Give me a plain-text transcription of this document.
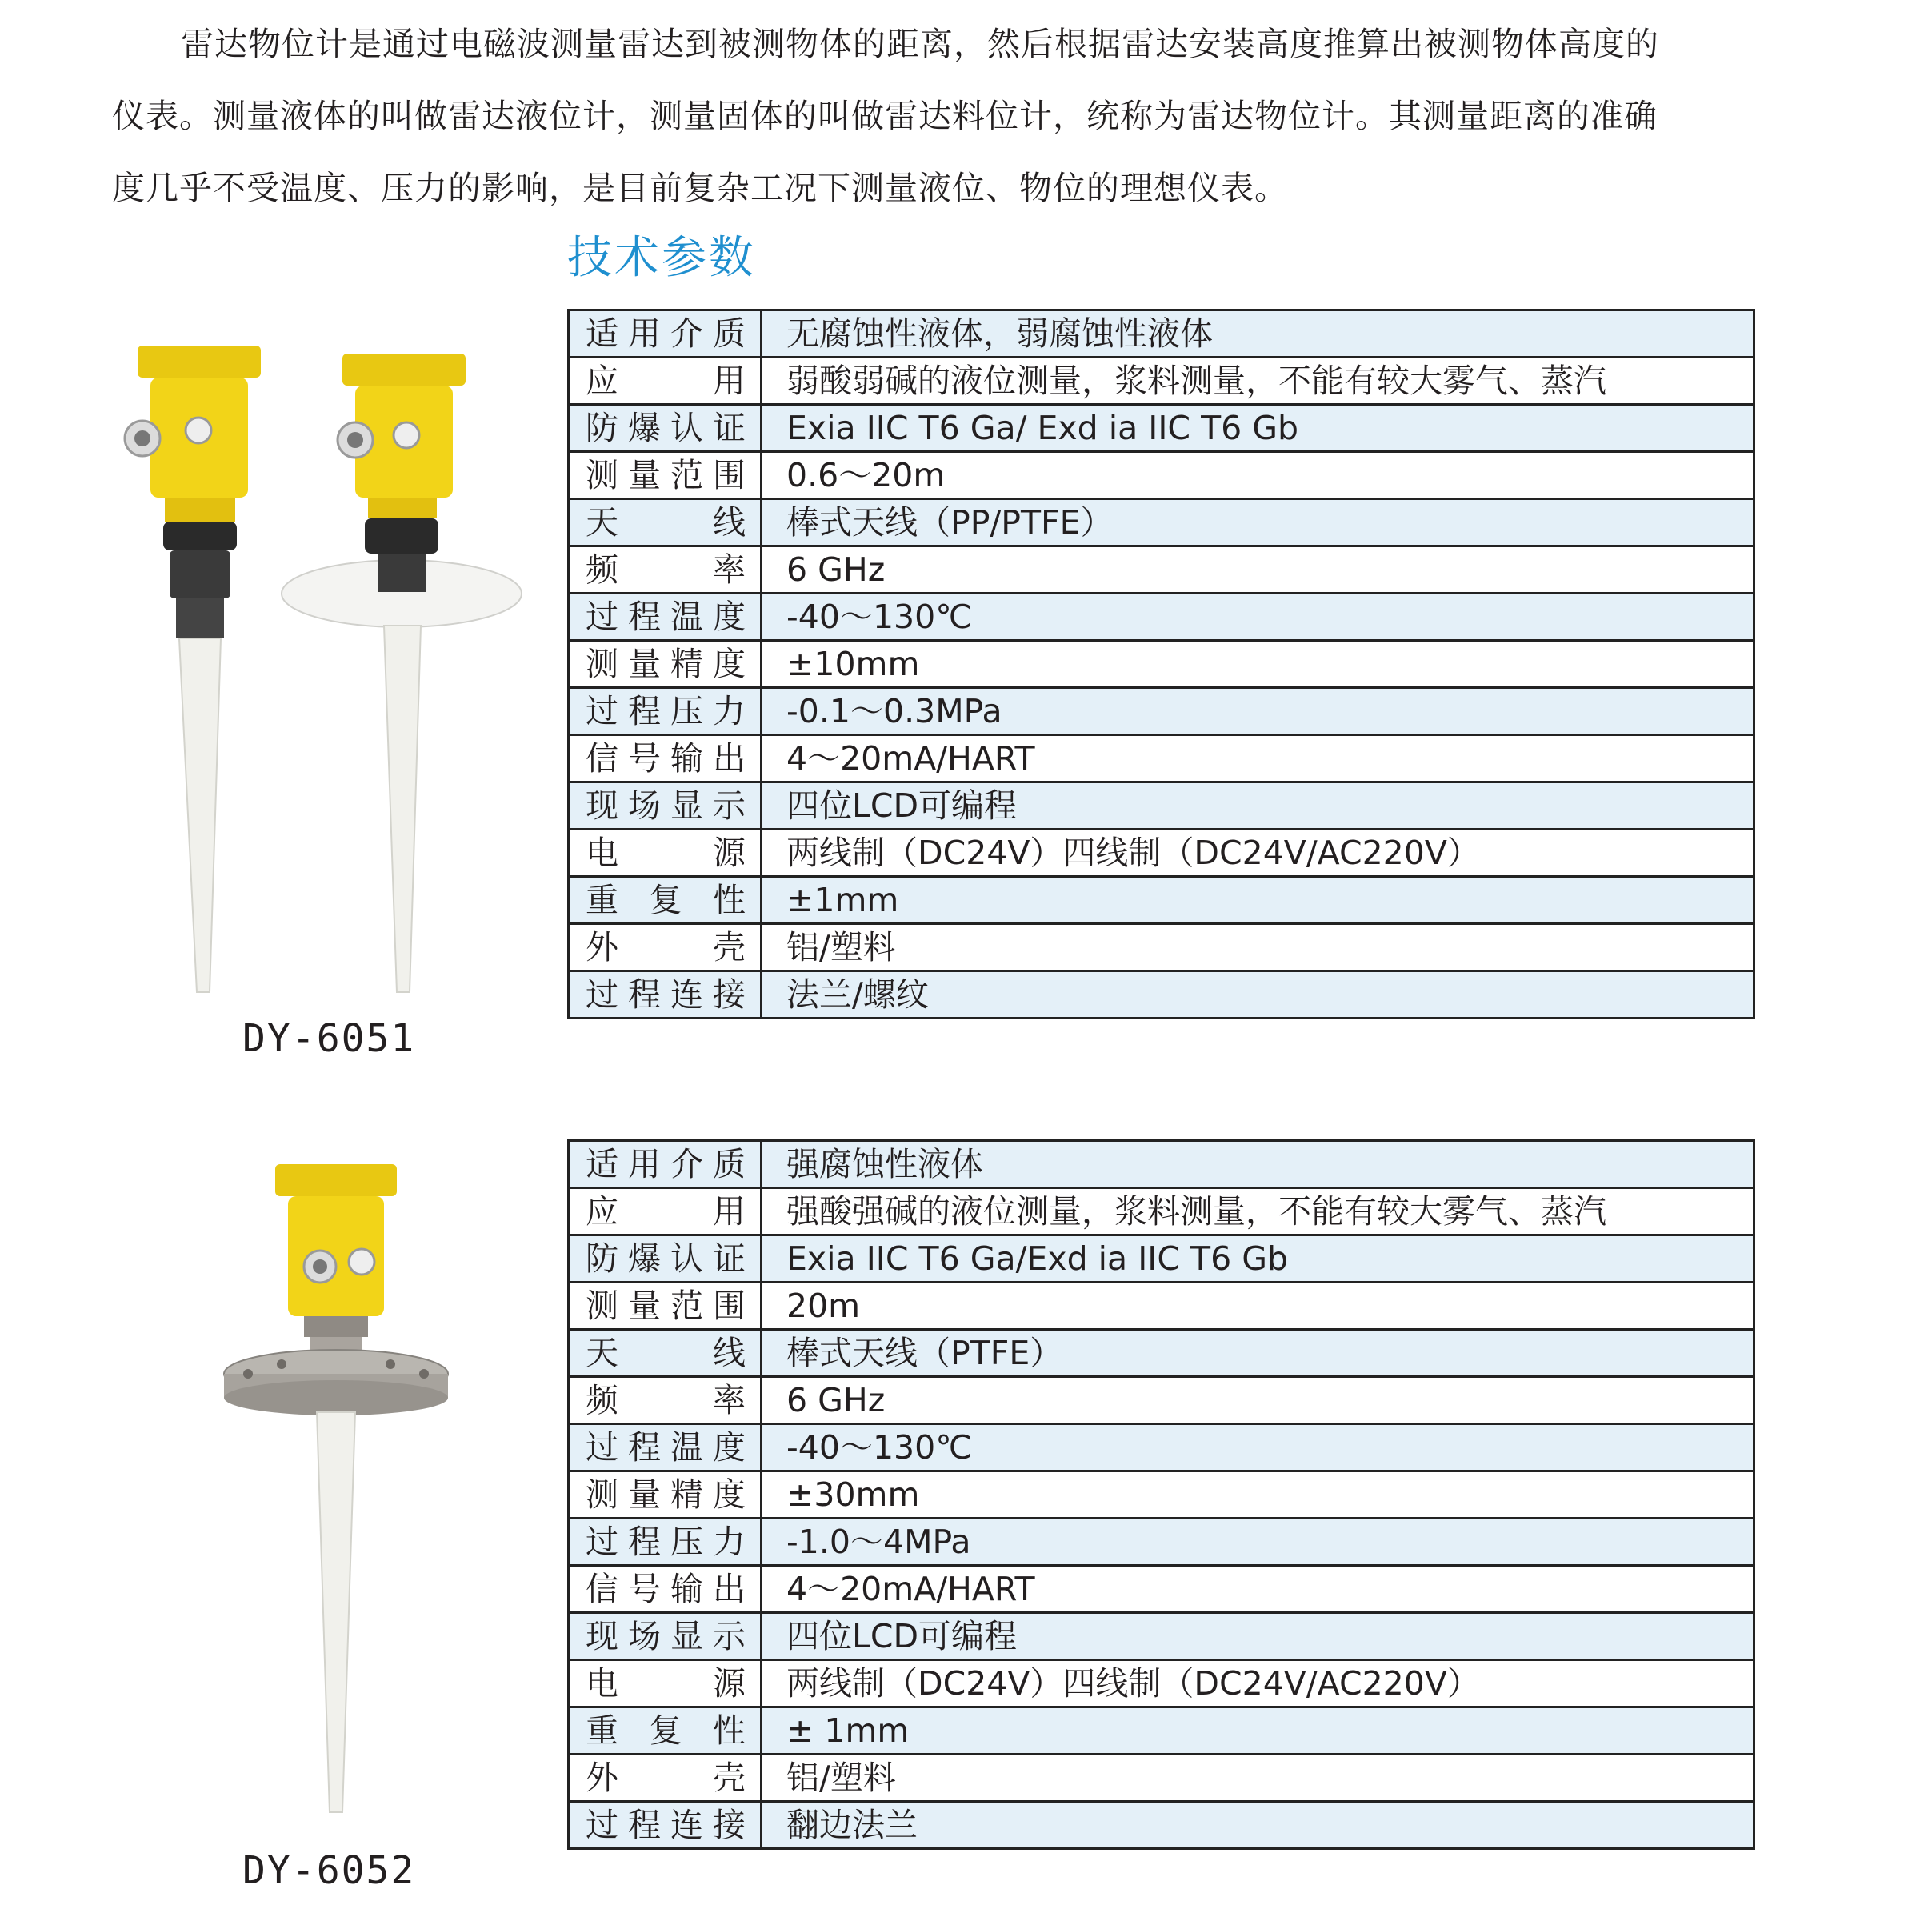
雷达物位计是通过电磁波测量雷达到被测物体的距离，然后根据雷达安装高度推算出被测物体高度的

仪表。测量液体的叫做雷达液位计，测量固体的叫做雷达料位计，统称为雷达物位计。其测量距离的准确

度几乎不受温度、压力的影响，是目前复杂工况下测量液位、物位的理想仪表。

技术参数
DY-6051
适用介质	无腐蚀性液体，弱腐蚀性液体

应用	弱酸弱碱的液位测量，浆料测量，不能有较大雾气、蒸汽

防爆认证	Exia IIC T6 Ga/ Exd ia IIC T6 Gb

测量范围	0.6～20m

天线	棒式天线（PP/PTFE）

频率	6 GHz

过程温度	-40～130℃

测量精度	±10mm

过程压力	-0.1～0.3MPa

信号输出	4～20mA/HART

现场显示	四位LCD可编程

电源	两线制（DC24V）四线制（DC24V/AC220V）

重复性	±1mm

外壳	铝/塑料

过程连接	法兰/螺纹
DY-6052
适用介质	强腐蚀性液体

应用	强酸强碱的液位测量，浆料测量，不能有较大雾气、蒸汽

防爆认证	Exia IIC T6 Ga/Exd ia IIC T6 Gb

测量范围	20m

天线	棒式天线（PTFE）

频率	6 GHz

过程温度	-40～130℃

测量精度	±30mm

过程压力	-1.0～4MPa

信号输出	4～20mA/HART

现场显示	四位LCD可编程

电源	两线制（DC24V）四线制（DC24V/AC220V）

重复性	± 1mm

外壳	铝/塑料

过程连接	翻边法兰
